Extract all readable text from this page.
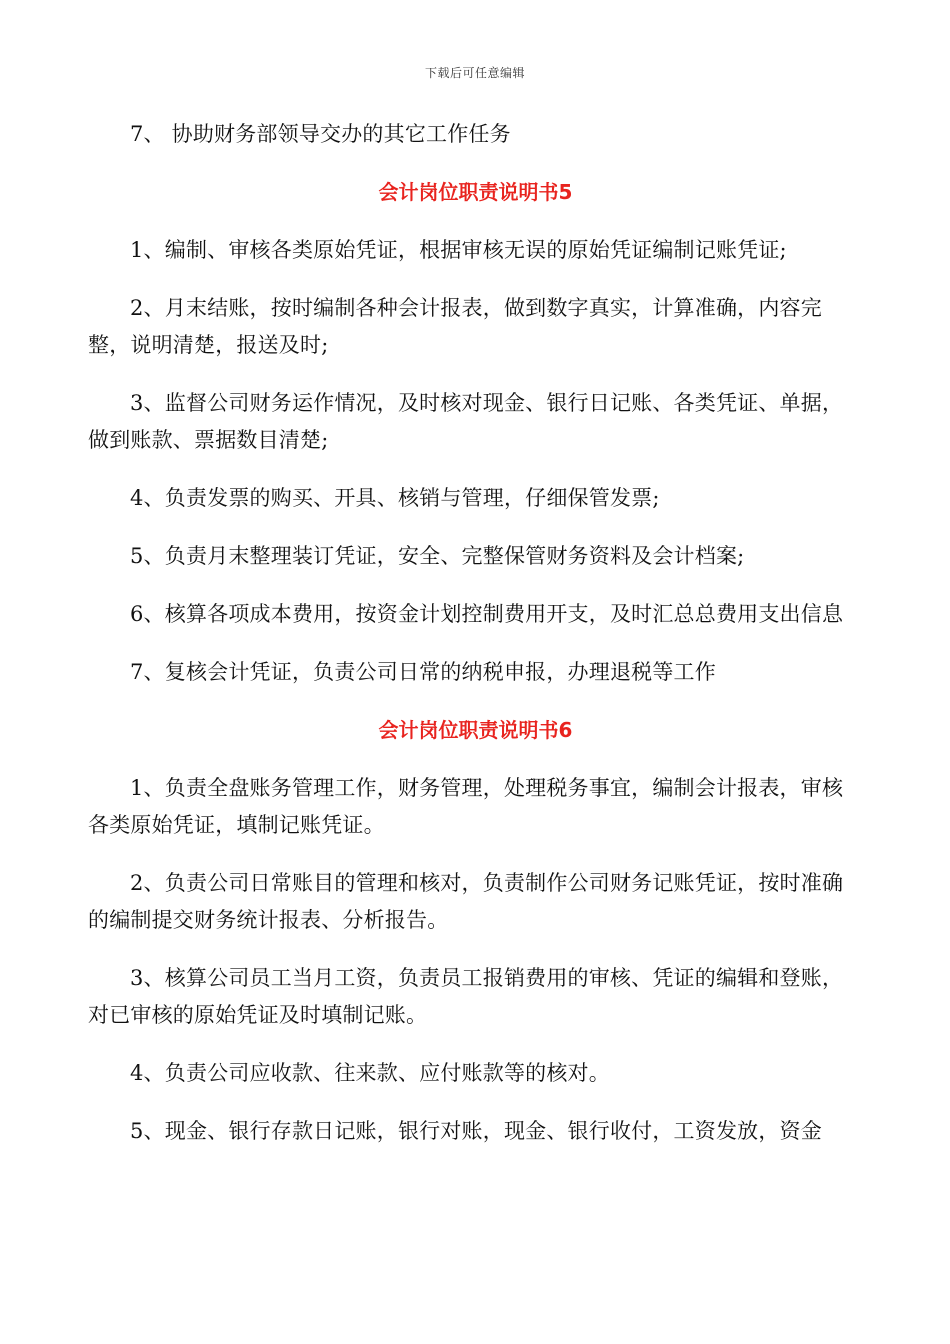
下载后可任意编辑

7、 协助财务部领导交办的其它工作任务

会计岗位职责说明书5

1、编制、审核各类原始凭证，根据审核无误的原始凭证编制记账凭证;

2、月末结账，按时编制各种会计报表，做到数字真实，计算准确，内容完整，说明清楚，报送及时;

3、监督公司财务运作情况，及时核对现金、银行日记账、各类凭证、单据，做到账款、票据数目清楚;

4、负责发票的购买、开具、核销与管理，仔细保管发票;

5、负责月末整理装订凭证，安全、完整保管财务资料及会计档案;

6、核算各项成本费用，按资金计划控制费用开支，及时汇总总费用支出信息

7、复核会计凭证，负责公司日常的纳税申报，办理退税等工作

会计岗位职责说明书6

1、负责全盘账务管理工作，财务管理，处理税务事宜，编制会计报表，审核各类原始凭证，填制记账凭证。

2、负责公司日常账目的管理和核对，负责制作公司财务记账凭证，按时准确的编制提交财务统计报表、分析报告。

3、核算公司员工当月工资，负责员工报销费用的审核、凭证的编辑和登账，对已审核的原始凭证及时填制记账。

4、负责公司应收款、往来款、应付账款等的核对。

5、现金、银行存款日记账，银行对账，现金、银行收付，工资发放，资金
